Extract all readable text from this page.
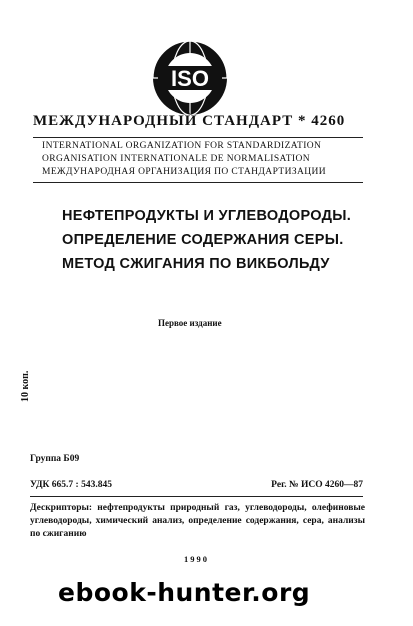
ISO
МЕЖДУНАРОДНЫЙ СТАНДАРТ * 4260
INTERNATIONAL ORGANIZATION FOR STANDARDIZATION
ORGANISATION INTERNATIONALE DE NORMALISATION
МЕЖДУНАРОДНАЯ ОРГАНИЗАЦИЯ ПО СТАНДАРТИЗАЦИИ
НЕФТЕПРОДУКТЫ И УГЛЕВОДОРОДЫ.
ОПРЕДЕЛЕНИЕ СОДЕРЖАНИЯ СЕРЫ.
МЕТОД СЖИГАНИЯ ПО ВИКБОЛЬДУ
Первое издание
10 коп.
Группа Б09
УДК 665.7 : 543.845	Рег. № ИСО 4260—87
Дескрипторы: нефтепродукты природный газ, углеводороды, олефиновые углеводороды, химический анализ, определение содержания, сера, анализы по сжиганию
1990
ebook-hunter.org
